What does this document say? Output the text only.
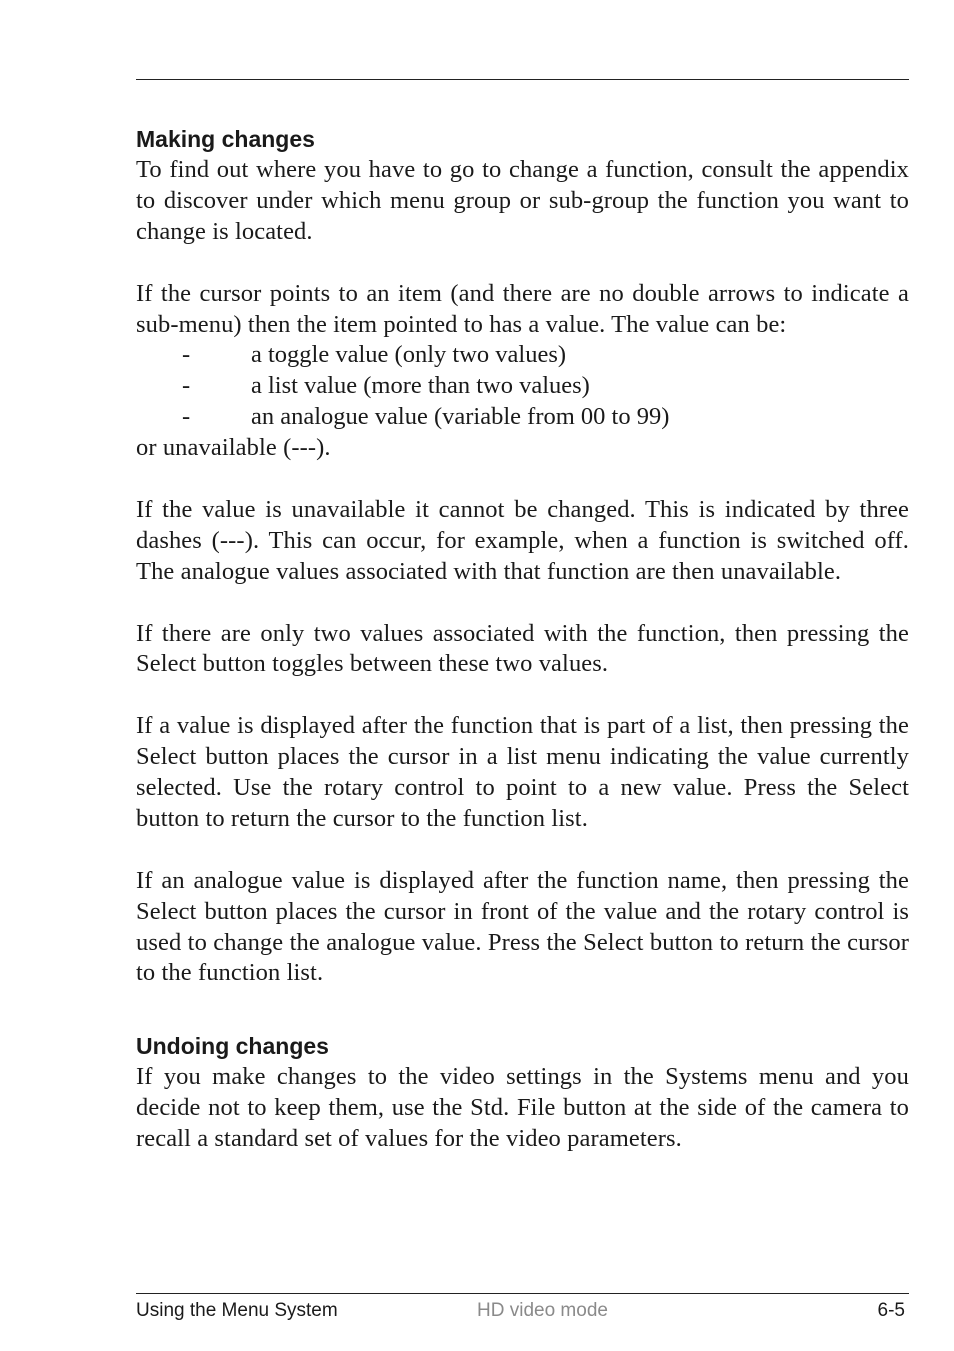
Making changes

To find out where you have to go to change a function, consult the appendix to discover under which menu group or sub-group the function you want to change is located.

If the cursor points to an item (and there are no double arrows to indicate a sub-menu) then the item pointed to has a value. The value can be:

- a toggle value (only two values)
- a list value (more than two values)
- an analogue value (variable from 00 to 99)

or unavailable (---).

If the value is unavailable it cannot be changed. This is indicated by three dashes (---). This can occur, for example, when a function is switched off. The analogue values associated with that function are then unavailable.

If there are only two values associated with the function, then pressing the Select button toggles between these two values.

If a value is displayed after the function that is part of a list, then pressing the Select button places the cursor in a list menu indicating the value currently selected. Use the rotary control to point to a new value. Press the Select button to return the cursor to the function list.

If an analogue value is displayed after the function name, then pressing the Select button places the cursor in front of the value and the rotary control is used to change the analogue value. Press the Select button to return the cursor to the function list.

Undoing changes

If you make changes to the video settings in the Systems menu and you decide not to keep them, use the Std. File button at the side of the camera to recall a standard set of values for the video parameters.

Using the Menu System	HD video mode	6-5
